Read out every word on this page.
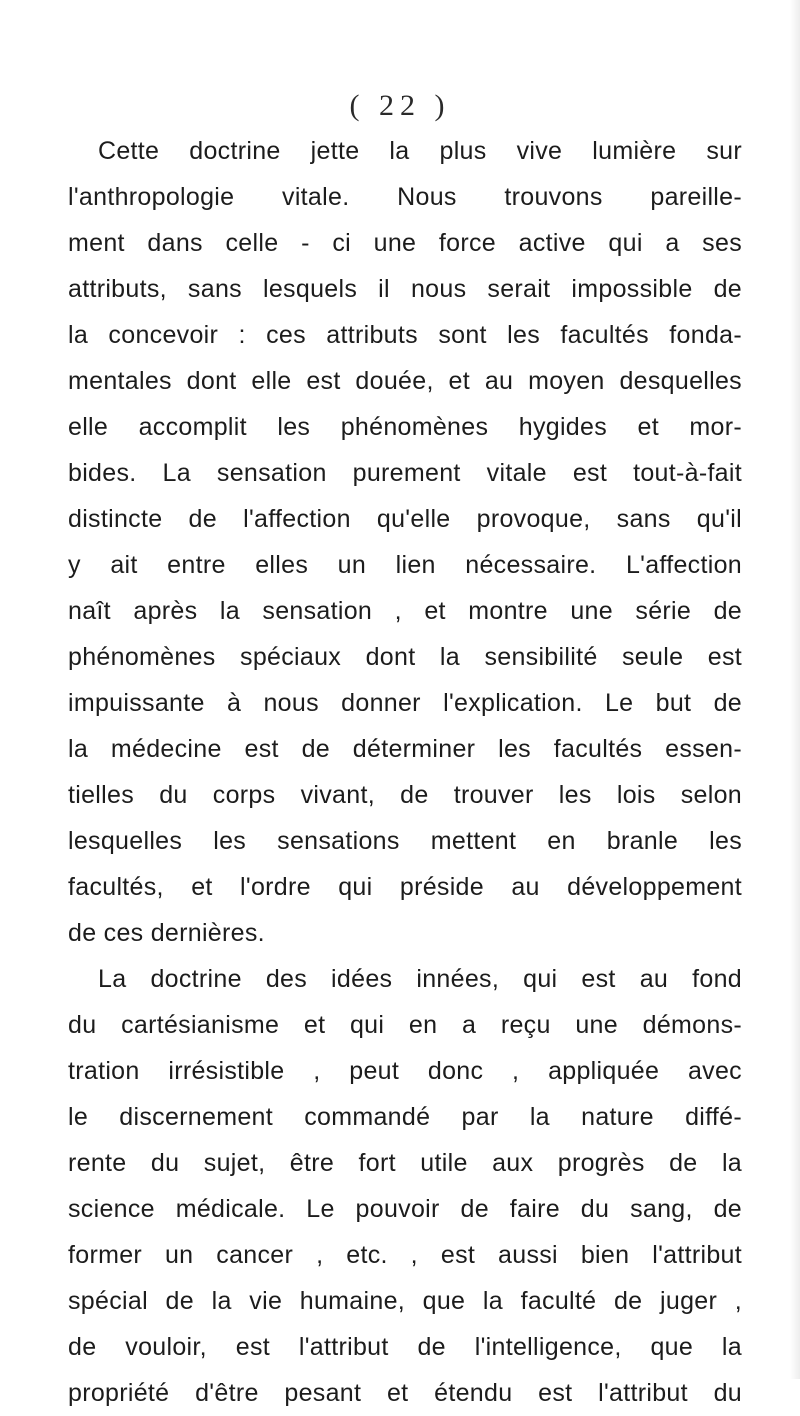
( 22 )
Cette doctrine jette la plus vive lumière sur
l'anthropologie vitale. Nous trouvons pareille-
ment dans celle - ci une force active qui a ses
attributs, sans lesquels il nous serait impossible de
la concevoir : ces attributs sont les facultés fonda-
mentales dont elle est douée, et au moyen desquelles
elle accomplit les phénomènes hygides et mor-
bides. La sensation purement vitale est tout-à-fait
distincte de l'affection qu'elle provoque, sans qu'il
y ait entre elles un lien nécessaire. L'affection
naît après la sensation , et montre une série de
phénomènes spéciaux dont la sensibilité seule est
impuissante à nous donner l'explication. Le but de
la médecine est de déterminer les facultés essen-
tielles du corps vivant, de trouver les lois selon
lesquelles les sensations mettent en branle les
facultés, et l'ordre qui préside au développement
de ces dernières.
La doctrine des idées innées, qui est au fond
du cartésianisme et qui en a reçu une démons-
tration irrésistible , peut donc , appliquée avec
le discernement commandé par la nature diffé-
rente du sujet, être fort utile aux progrès de la
science médicale. Le pouvoir de faire du sang, de
former un cancer , etc. , est aussi bien l'attribut
spécial de la vie humaine, que la faculté de juger ,
de vouloir, est l'attribut de l'intelligence, que la
propriété d'être pesant et étendu est l'attribut du
